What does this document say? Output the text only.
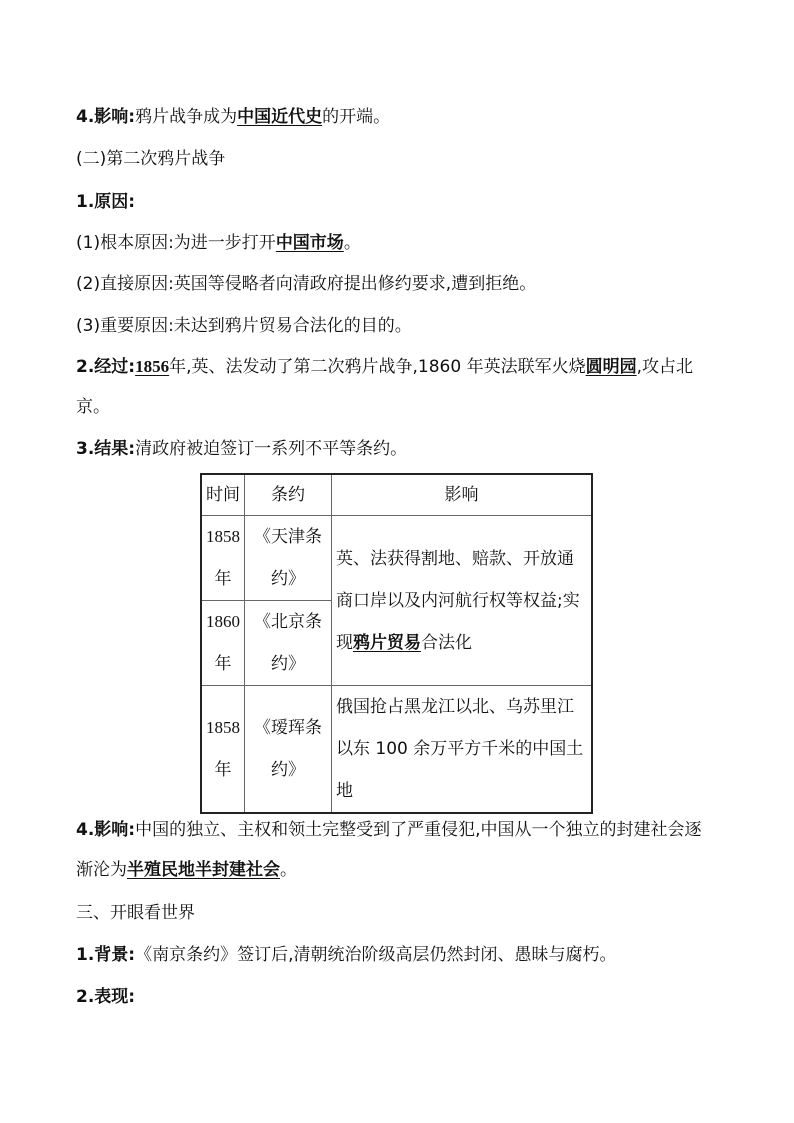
4.影响:鸦片战争成为中国近代史的开端。
(二)第二次鸦片战争
1.原因:
(1)根本原因:为进一步打开中国市场。
(2)直接原因:英国等侵略者向清政府提出修约要求,遭到拒绝。
(3)重要原因:未达到鸦片贸易合法化的目的。
2.经过:1856年,英、法发动了第二次鸦片战争,1860 年英法联军火烧圆明园,攻占北京。
3.结果:清政府被迫签订一系列不平等条约。
时间	条约	影响
1858 年	《天津条约》	英、法获得割地、赔款、开放通商口岸以及内河航行权等权益;实现鸦片贸易合法化
1860 年	《北京条约》	
1858 年	《瑷珲条约》	俄国抢占黑龙江以北、乌苏里江以东 100 余万平方千米的中国土地
4.影响:中国的独立、主权和领土完整受到了严重侵犯,中国从一个独立的封建社会逐渐沦为半殖民地半封建社会。
三、开眼看世界
1.背景:《南京条约》签订后,清朝统治阶级高层仍然封闭、愚昧与腐朽。
2.表现:
